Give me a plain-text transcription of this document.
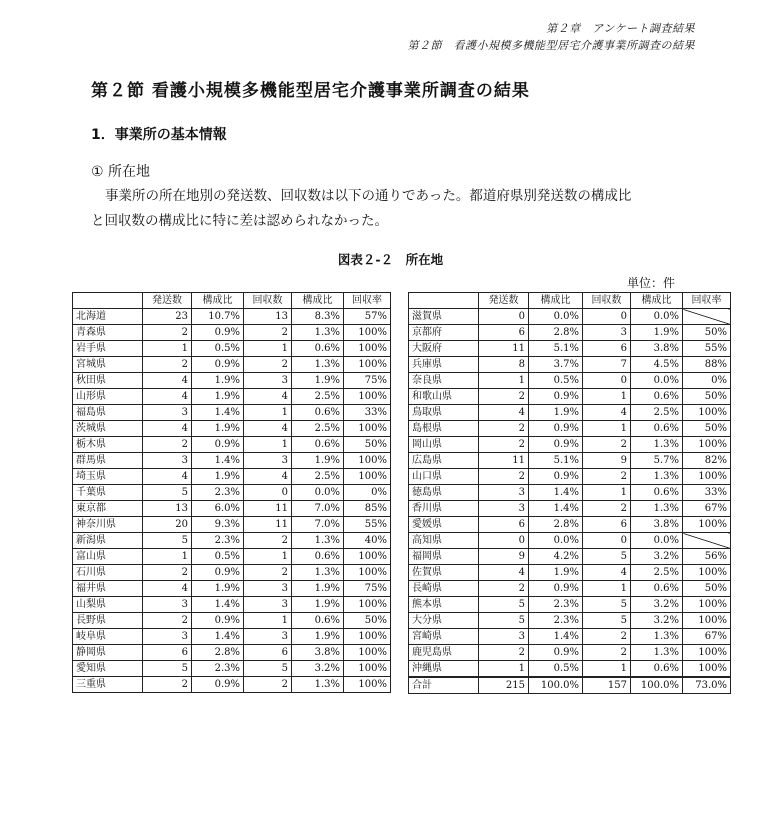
第２章　アンケート調査結果
第２節　看護小規模多機能型居宅介護事業所調査の結果
第２節 看護小規模多機能型居宅介護事業所調査の結果
1．事業所の基本情報
① 所在地
事業所の所在地別の発送数、回収数は以下の通りであった。都道府県別発送数の構成比
と回収数の構成比に特に差は認められなかった。
図表２-２　所在地
単位：件
	発送数	構成比	回収数	構成比	回収率
北海道	23	10.7%	13	8.3%	57%
青森県	2	0.9%	2	1.3%	100%
岩手県	1	0.5%	1	0.6%	100%
宮城県	2	0.9%	2	1.3%	100%
秋田県	4	1.9%	3	1.9%	75%
山形県	4	1.9%	4	2.5%	100%
福島県	3	1.4%	1	0.6%	33%
茨城県	4	1.9%	4	2.5%	100%
栃木県	2	0.9%	1	0.6%	50%
群馬県	3	1.4%	3	1.9%	100%
埼玉県	4	1.9%	4	2.5%	100%
千葉県	5	2.3%	0	0.0%	0%
東京都	13	6.0%	11	7.0%	85%
神奈川県	20	9.3%	11	7.0%	55%
新潟県	5	2.3%	2	1.3%	40%
富山県	1	0.5%	1	0.6%	100%
石川県	2	0.9%	2	1.3%	100%
福井県	4	1.9%	3	1.9%	75%
山梨県	3	1.4%	3	1.9%	100%
長野県	2	0.9%	1	0.6%	50%
岐阜県	3	1.4%	3	1.9%	100%
静岡県	6	2.8%	6	3.8%	100%
愛知県	5	2.3%	5	3.2%	100%
三重県	2	0.9%	2	1.3%	100%
	発送数	構成比	回収数	構成比	回収率
滋賀県	0	0.0%	0	0.0%	
京都府	6	2.8%	3	1.9%	50%
大阪府	11	5.1%	6	3.8%	55%
兵庫県	8	3.7%	7	4.5%	88%
奈良県	1	0.5%	0	0.0%	0%
和歌山県	2	0.9%	1	0.6%	50%
鳥取県	4	1.9%	4	2.5%	100%
島根県	2	0.9%	1	0.6%	50%
岡山県	2	0.9%	2	1.3%	100%
広島県	11	5.1%	9	5.7%	82%
山口県	2	0.9%	2	1.3%	100%
徳島県	3	1.4%	1	0.6%	33%
香川県	3	1.4%	2	1.3%	67%
愛媛県	6	2.8%	6	3.8%	100%
高知県	0	0.0%	0	0.0%	
福岡県	9	4.2%	5	3.2%	56%
佐賀県	4	1.9%	4	2.5%	100%
長崎県	2	0.9%	1	0.6%	50%
熊本県	5	2.3%	5	3.2%	100%
大分県	5	2.3%	5	3.2%	100%
宮崎県	3	1.4%	2	1.3%	67%
鹿児島県	2	0.9%	2	1.3%	100%
沖縄県	1	0.5%	1	0.6%	100%
合計	215	100.0%	157	100.0%	73.0%
